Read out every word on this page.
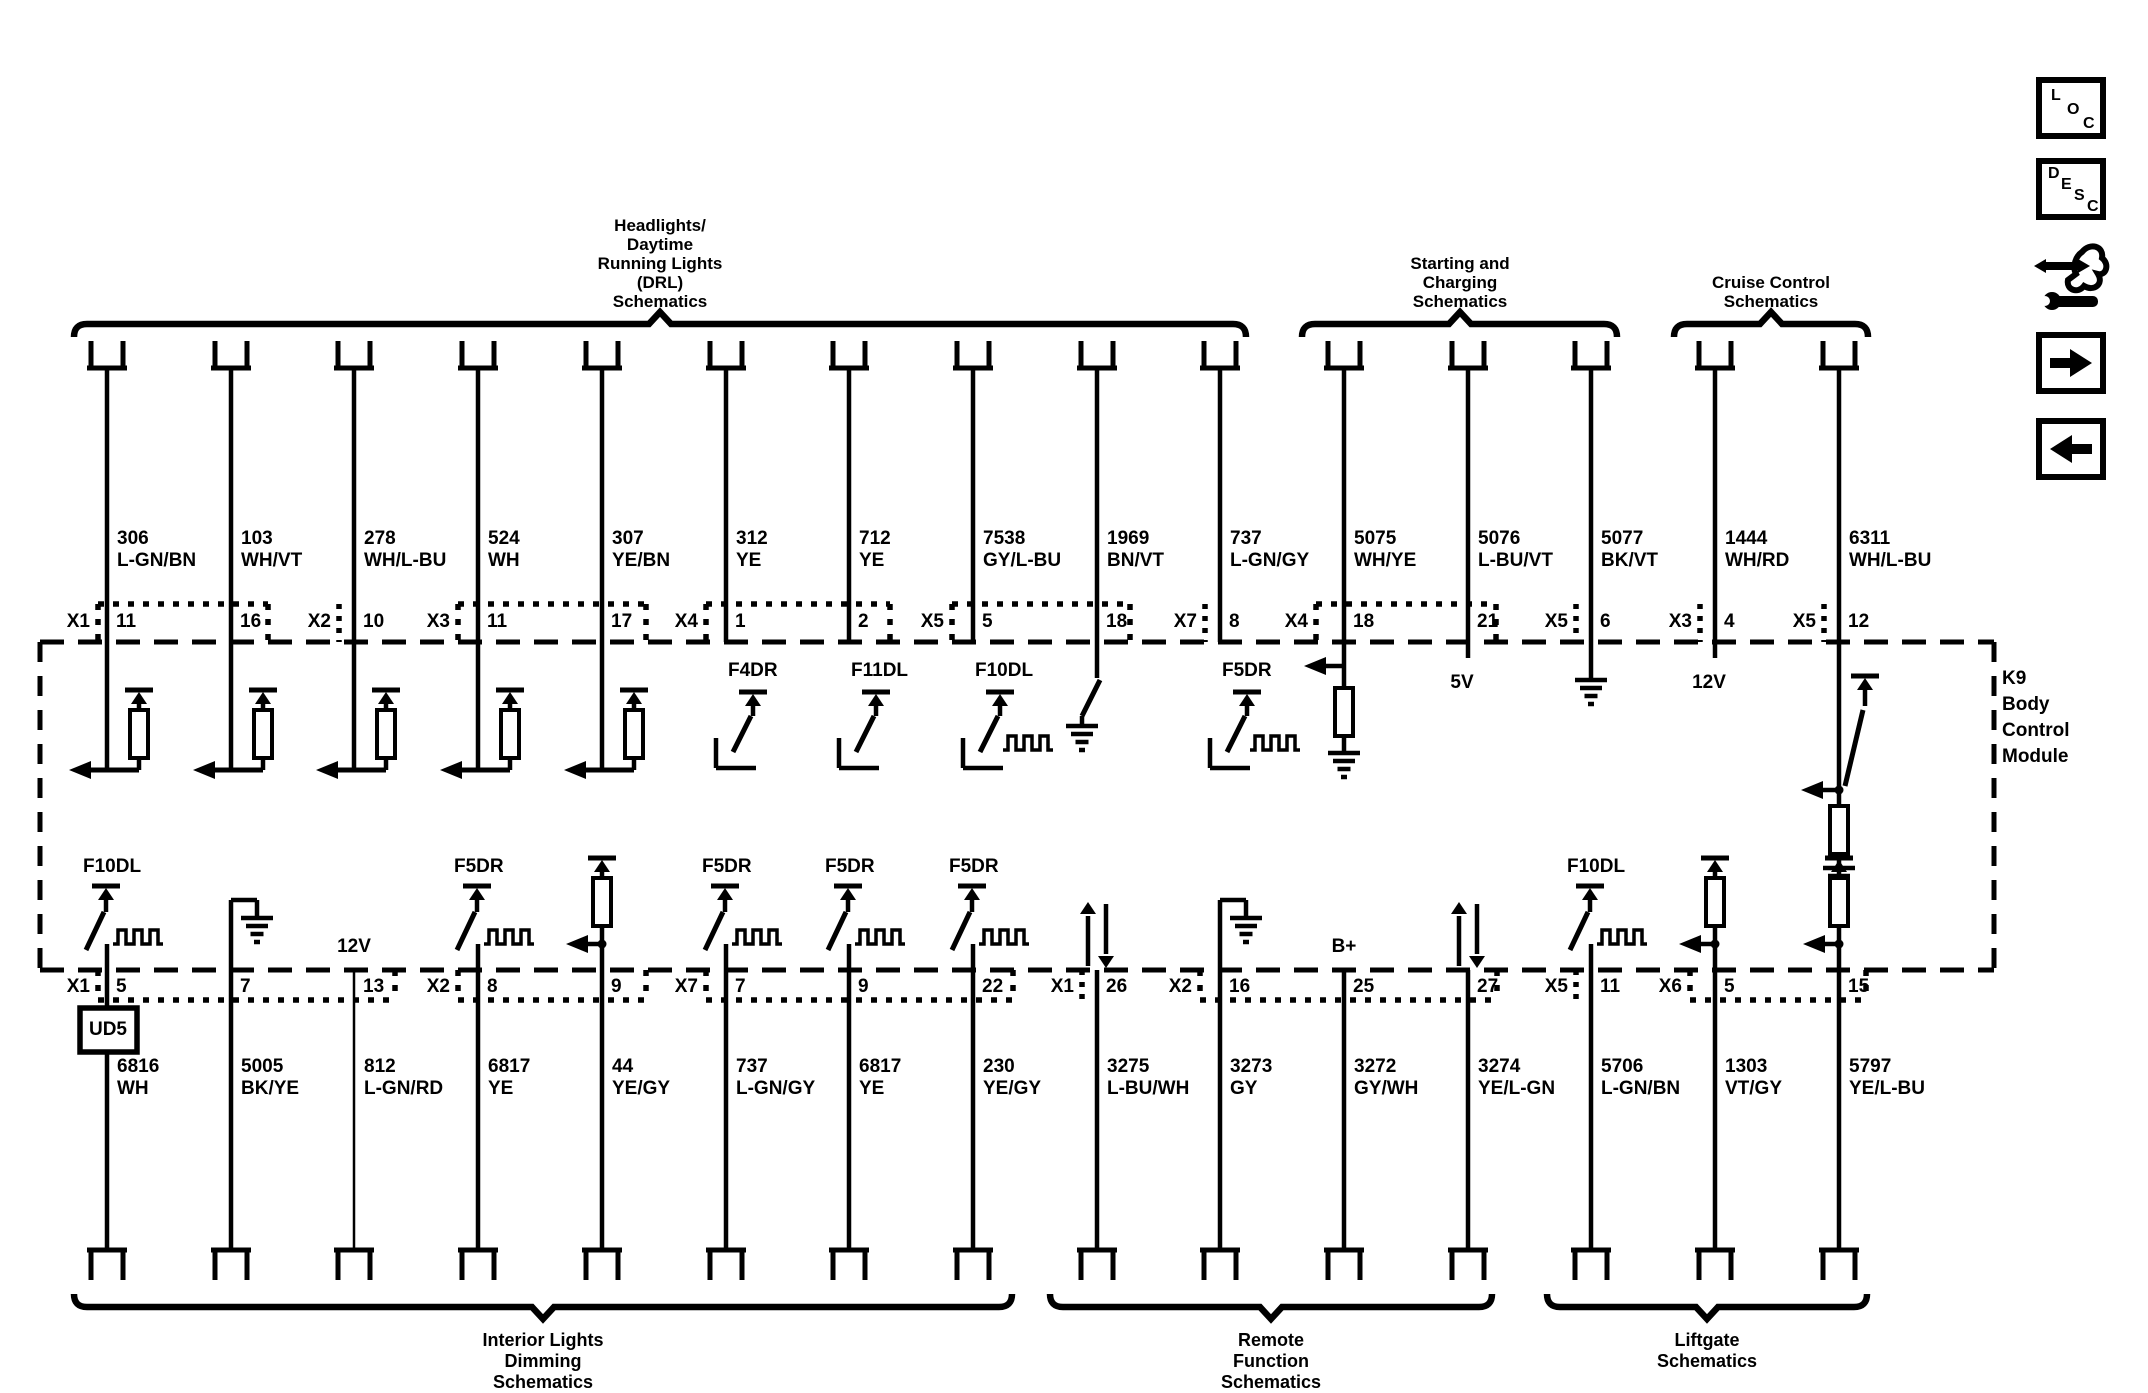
K9
Body
Control
Module
X1	X2	X3	X4	X5	X7	X4	X5	X3	X5
X1	X2	X7	X1	X2	X5	X6
306
L-GN/BN
11
103
WH/VT
16
278
WH/L-BU
10
524
WH
11
307
YE/BN
17
312
YE
1
F4DR
712
YE
2
F11DL
7538
GY/L-BU
5
F10DL
1969
BN/VT
18
737
L-GN/GY
8
F5DR
5075
WH/YE
18
5076
L-BU/VT
21
5V
5077
BK/VT
6
1444
WH/RD
4
12V
6311
WH/L-BU
12
F10DL
UD5
6816
WH
5
5005
BK/YE
7
12V
812
L-GN/RD
13
F5DR
6817
YE
8
44
YE/GY
9
F5DR
737
L-GN/GY
7
F5DR
6817
YE
9
F5DR
230
YE/GY
22
3275
L-BU/WH
26
3273
GY
16
B+
3272
GY/WH
25
3274
YE/L-GN
27
F10DL
5706
L-GN/BN
11
1303
VT/GY
5
5797
YE/L-BU
15
Headlights/
Daytime
Running Lights
(DRL)
Schematics
Starting and
Charging
Schematics
Cruise Control
Schematics
Interior Lights
Dimming
Schematics
Remote
Function
Schematics
Liftgate
Schematics
L
O
C
D
E
S
C
